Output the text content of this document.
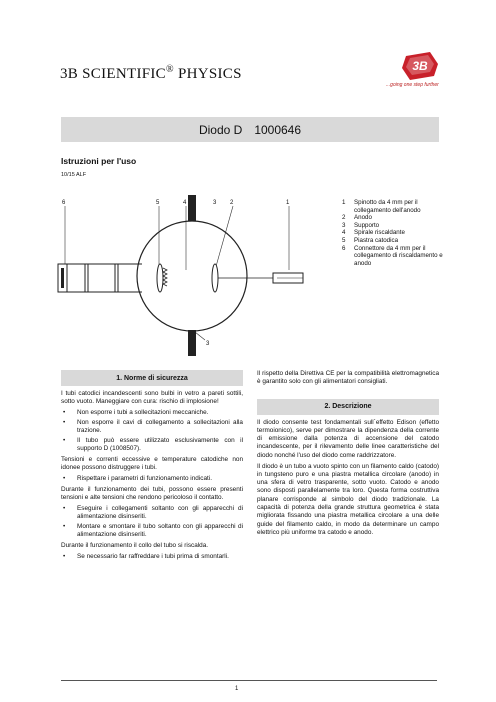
3B SCIENTIFIC® PHYSICS	3B
...going one step further
Diodo D 1000646
Istruzioni per l'uso
10/15 ALF
6	5	4	3 2	1
3
1	Spinotto da 4 mm per il collegamento dell'anodo
2	Anodo
3	Supporto
4	Spirale riscaldante
5	Piastra catodica
6	Connettore da 4 mm per il collegamento di riscaldamento e anodo
1. Norme di sicurezza

I tubi catodici incandescenti sono bulbi in vetro a pareti sottili, sotto vuoto. Maneggiare con cura: rischio di implosione!

• Non esporre i tubi a sollecitazioni meccaniche.
• Non esporre il cavi di collegamento a sollecitazioni alla trazione.
• Il tubo può essere utilizzato esclusivamente con il supporto D (1008507).

Tensioni e correnti eccessive e temperature catodiche non idonee possono distruggere i tubi.

• Rispettare i parametri di funzionamento indicati.

Durante il funzionamento dei tubi, possono essere presenti tensioni e alte tensioni che rendono pericoloso il contatto.

• Eseguire i collegamenti soltanto con gli apparecchi di alimentazione disinseriti.
• Montare e smontare il tubo soltanto con gli apparecchi di alimentazione disinseriti.

Durante il funzionamento il collo del tubo si riscalda.

• Se necessario far raffreddare i tubi prima di smontarli.

Il rispetto della Direttiva CE per la compatibilità elettromagnetica è garantito solo con gli alimentatori consigliati.

2. Descrizione

Il diodo consente test fondamentali sull´effetto Edison (effetto termoionico), serve per dimostrare la dipendenza della corrente di emissione dalla potenza di accensione del catodo incandescente, per il rilevamento delle linee caratteristiche del diodo nonché l'uso del diodo come raddrizzatore.

Il diodo è un tubo a vuoto spinto con un filamento caldo (catodo) in tungsteno puro e una piastra metallica circolare (anodo) in una sfera di vetro trasparente, sotto vuoto. Catodo e anodo sono disposti parallelamente tra loro. Questa forma costruttiva planare corrisponde al simbolo del diodo tradizionale. La capacità di potenza della grande struttura geometrica è stata migliorata fissando una piastra metallica circolare a una delle guide del filamento caldo, in modo da determinare un campo elettrico più uniforme tra catodo e anodo.

1
